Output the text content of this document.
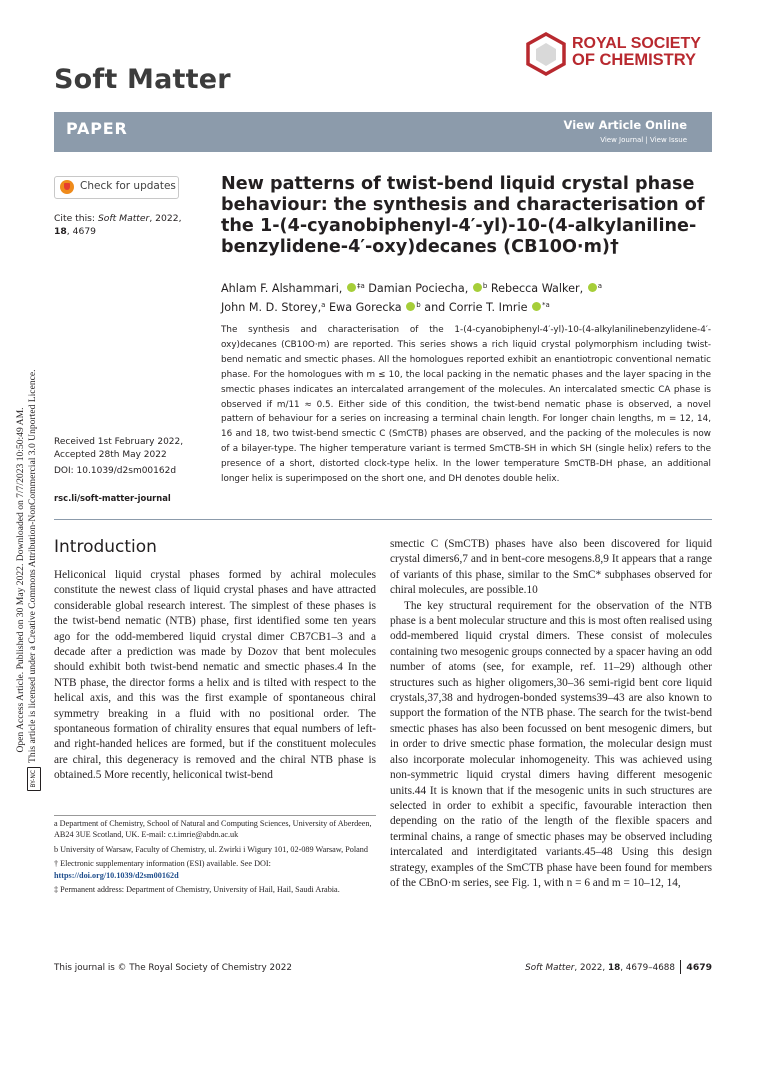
Open Access Article. Published on 30 May 2022. Downloaded on 7/7/2023 10:50:49 AM.
BY-NCThis article is licensed under a Creative Commons Attribution-NonCommercial 3.0 Unported Licence.
Soft Matter
ROYAL SOCIETY
OF CHEMISTRY
PAPER	View Article Online
View Journal | View Issue
Check for updates
Cite this: Soft Matter, 2022,
18, 4679
New patterns of twist-bend liquid crystal phase behaviour: the synthesis and characterisation of the 1-(4-cyanobiphenyl-4′-yl)-10-(4-alkylaniline-benzylidene-4′-oxy)decanes (CB10O·m)†
Ahlam F. Alshammari, $^{\ddagger a}$ Damian Pociecha, $^b$ Rebecca Walker, $^a$
John M. D. Storey,$^a$ Ewa Gorecka $^b$ and Corrie T. Imrie $^{*a}$
The synthesis and characterisation of the 1-(4-cyanobiphenyl-4′-yl)-10-(4-alkylanilinebenzylidene-4′-oxy)decanes (CB10O·m) are reported. This series shows a rich liquid crystal polymorphism including twist-bend nematic and smectic phases. All the homologues reported exhibit an enantiotropic conventional nematic phase. For the homologues with m ≤ 10, the local packing in the nematic phases and the layer spacing in the smectic phases indicates an intercalated arrangement of the molecules. An intercalated smectic CA phase is observed if m/11 ≈ 0.5. Either side of this condition, the twist-bend nematic phase is observed, a novel pattern of behaviour for a series on increasing a terminal chain length. For longer chain lengths, m = 12, 14, 16 and 18, two twist-bend smectic C (SmCTB) phases are observed, and the packing of the molecules is now of a bilayer-type. The higher temperature variant is termed SmCTB-SH in which SH (single helix) refers to the presence of a short, distorted clock-type helix. In the lower temperature SmCTB-DH phase, an additional longer helix is superimposed on the short one, and DH denotes double helix.
Received 1st February 2022,
Accepted 28th May 2022
DOI: 10.1039/d2sm00162d
rsc.li/soft-matter-journal
Introduction
Heliconical liquid crystal phases formed by achiral molecules constitute the newest class of liquid crystal phases and have attracted considerable global research interest. The simplest of these phases is the twist-bend nematic (NTB) phase, first identified some ten years ago for the odd-membered liquid crystal dimer CB7CB1–3 and a decade after a prediction was made by Dozov that bent molecules should exhibit both twist-bend nematic and smectic phases.4 In the NTB phase, the director forms a helix and is tilted with respect to the helical axis, and this was the first example of spontaneous chiral symmetry breaking in a fluid with no positional order. The spontaneous formation of chirality ensures that equal numbers of left- and right-handed helices are formed, but if the constituent molecules are chiral, this degeneracy is removed and the chiral NTB phase is obtained.5 More recently, heliconical twist-bend

smectic C (SmCTB) phases have also been discovered for liquid crystal dimers6,7 and in bent-core mesogens.8,9 It appears that a range of variants of this phase, similar to the SmC* subphases observed for chiral molecules, are possible.10

The key structural requirement for the observation of the NTB phase is a bent molecular structure and this is most often realised using odd-membered liquid crystal dimers. These consist of molecules containing two mesogenic groups connected by a spacer having an odd number of atoms (see, for example, ref. 11–29) although other structures such as higher oligomers,30–36 semi-rigid bent core liquid crystals,37,38 and hydrogen-bonded systems39–43 are also known to support the formation of the NTB phase. The search for the twist-bend smectic phases has also been focussed on bent mesogenic dimers, but in order to drive smectic phase formation, the molecular design must also incorporate molecular inhomogeneity. This was achieved using non-symmetric liquid crystal dimers having different mesogenic units.44 It is known that if the mesogenic units in such structures are selected in order to exhibit a specific, favourable interaction then depending on the ratio of the length of the flexible spacers and terminal chains, a range of smectic phases may be observed including intercalated and interdigitated variants.45–48 Using this design strategy, examples of the SmCTB phase have been found for members of the CBnO·m series, see Fig. 1, with n = 6 and m = 10–12, 14,

a Department of Chemistry, School of Natural and Computing Sciences, University of Aberdeen, AB24 3UE Scotland, UK. E-mail: c.t.imrie@abdn.ac.uk

b University of Warsaw, Faculty of Chemistry, ul. Zwirki i Wigury 101, 02-089 Warsaw, Poland

† Electronic supplementary information (ESI) available. See DOI: https://doi.org/10.1039/d2sm00162d

‡ Permanent address: Department of Chemistry, University of Hail, Hail, Saudi Arabia.

This journal is © The Royal Society of Chemistry 2022	Soft Matter, 2022, 18, 4679–4688 4679
